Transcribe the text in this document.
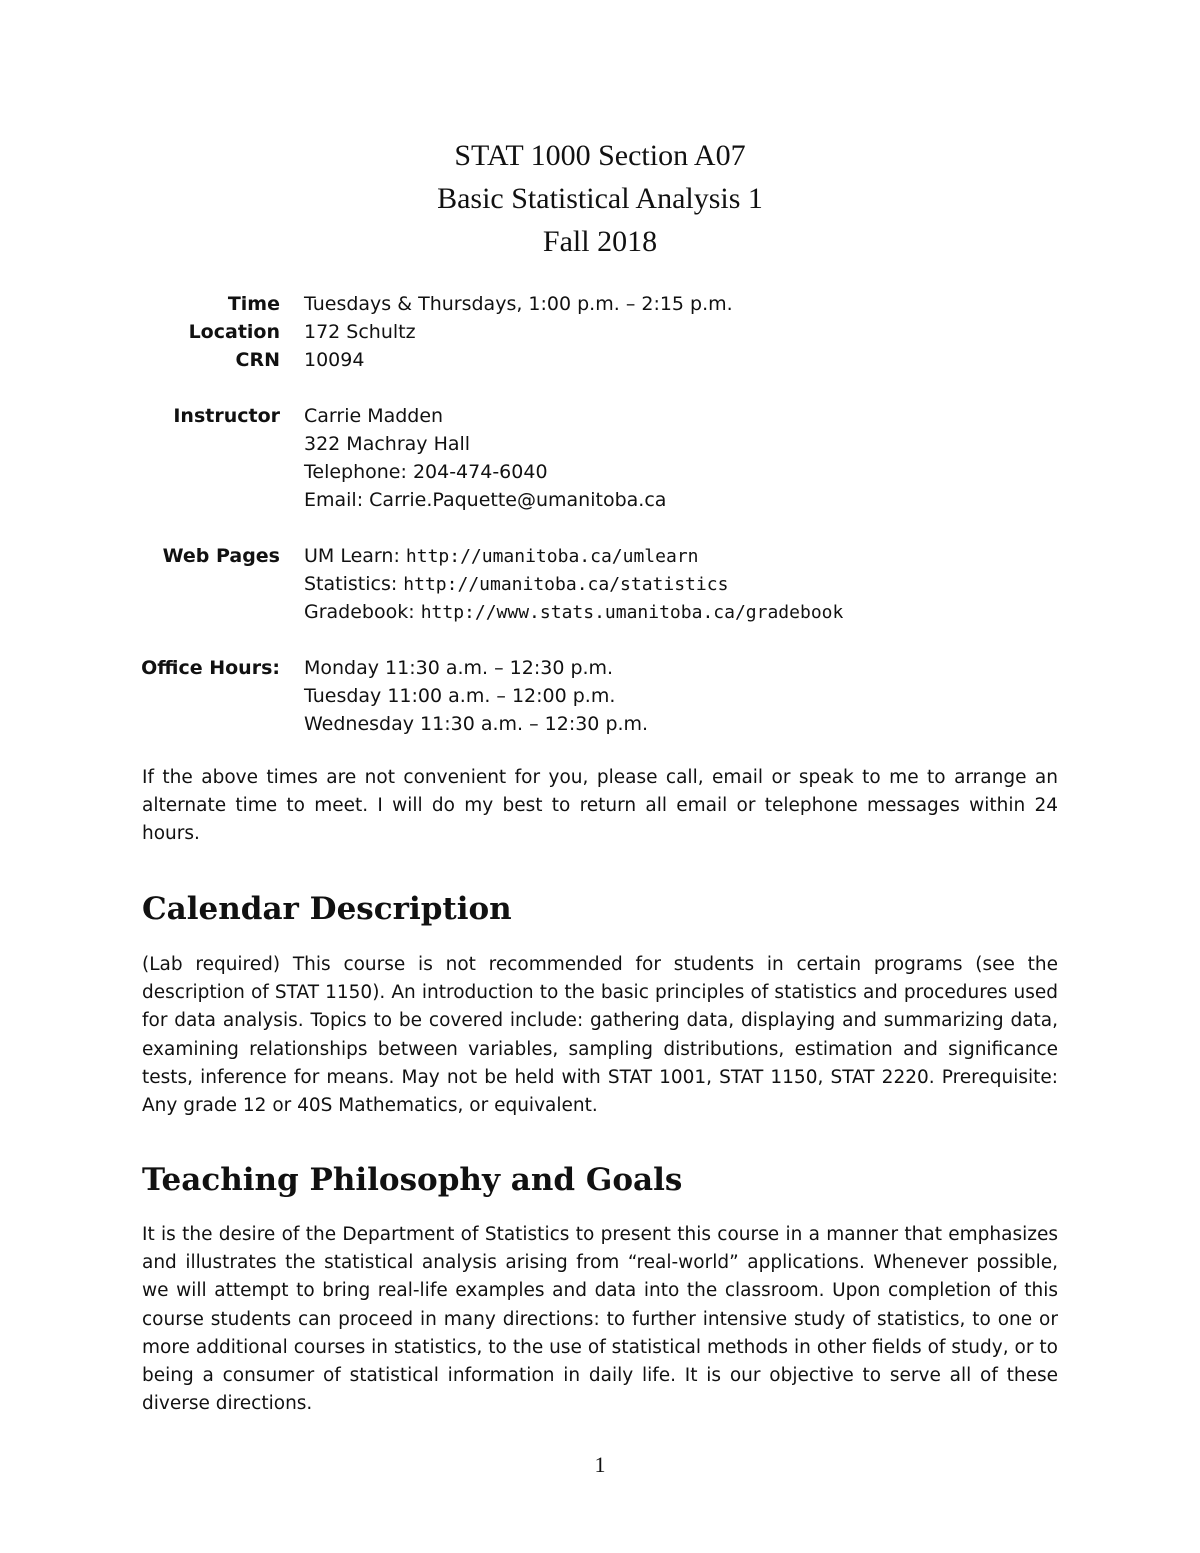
STAT 1000 Section A07
Basic Statistical Analysis 1
Fall 2018
Time	Tuesdays & Thursdays, 1:00 p.m. – 2:15 p.m.
Location	172 Schultz
CRN	10094
Instructor	Carrie Madden
322 Machray Hall
Telephone: 204-474-6040
Email: Carrie.Paquette@umanitoba.ca
Web Pages	UM Learn: http://umanitoba.ca/umlearn
Statistics: http://umanitoba.ca/statistics
Gradebook: http://www.stats.umanitoba.ca/gradebook
Office Hours:	Monday 11:30 a.m. – 12:30 p.m.
Tuesday 11:00 a.m. – 12:00 p.m.
Wednesday 11:30 a.m. – 12:30 p.m.

If the above times are not convenient for you, please call, email or speak to me to arrange an alternate time to meet. I will do my best to return all email or telephone messages within 24 hours.

Calendar Description

(Lab required) This course is not recommended for students in certain programs (see the description of STAT 1150). An introduction to the basic principles of statistics and procedures used for data analysis. Topics to be covered include: gathering data, displaying and summarizing data, examining relationships between variables, sampling distributions, estimation and significance tests, inference for means. May not be held with STAT 1001, STAT 1150, STAT 2220. Prerequisite: Any grade 12 or 40S Mathematics, or equivalent.

Teaching Philosophy and Goals

It is the desire of the Department of Statistics to present this course in a manner that emphasizes and illustrates the statistical analysis arising from “real-world” applications. Whenever possible, we will attempt to bring real-life examples and data into the classroom. Upon completion of this course students can proceed in many directions: to further intensive study of statistics, to one or more additional courses in statistics, to the use of statistical methods in other fields of study, or to being a consumer of statistical information in daily life. It is our objective to serve all of these diverse directions.

1
